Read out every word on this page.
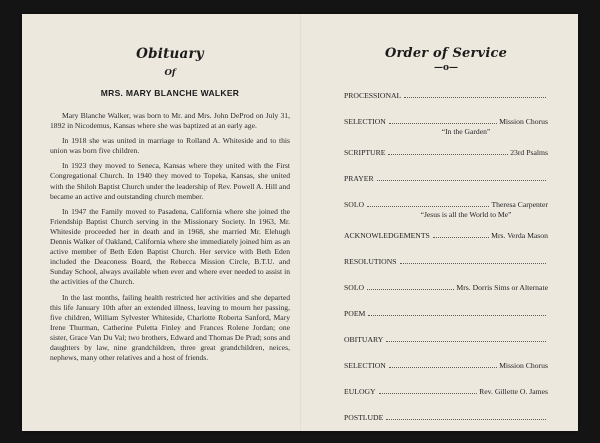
Obituary
Of
MRS. MARY BLANCHE WALKER

Mary Blanche Walker, was born to Mr. and Mrs. John DeProd on July 31, 1892 in Nicodemus, Kansas where she was baptized at an early age.

In 1918 she was united in marriage to Rolland A. Whiteside and to this union was born five children.

In 1923 they moved to Seneca, Kansas where they united with the First Congregational Church. In 1940 they moved to Topeka, Kansas, she united with the Shiloh Baptist Church under the leadership of Rev. Powell A. Hill and became an active and outstanding church member.

In 1947 the Family moved to Pasadena, California where she joined the Friendship Baptist Church serving in the Missionary Society. In 1963, Mr. Whiteside proceeded her in death and in 1968, she married Mr. Elehugh Dennis Walker of Oakland, California where she immediately joined him as an active member of Beth Eden Baptist Church. Her service with Beth Eden included the Deaconess Board, the Rebecca Mission Circle, B.T.U. and Sunday School, always available when ever and where ever needed to assist in the activities of the Church.

In the last months, failing health restricted her activities and she departed this life January 10th after an extended illness, leaving to mourn her passing, five children, William Sylvester Whiteside, Charlotte Roberta Sanford, Mary Irene Thurman, Catherine Puletta Finley and Frances Rolene Jordan; one sister, Grace Van Du Val; two brothers, Edward and Thomas De Prad; sons and daughters by law, nine grandchildren, three great grandchildren, neices, nephews, many other relatives and a host of friends.

Order of Service
—o—
PROCESSIONAL
SELECTION	Mission Chorus
“In the Garden”
SCRIPTURE	23rd Psalms
PRAYER
SOLO	Theresa Carpenter
“Jesus is all the World to Me”
ACKNOWLEDGEMENTS	Mrs. Verda Mason
RESOLUTIONS
SOLO	Mrs. Dorris Sims or Alternate
POEM
OBITUARY
SELECTION	Mission Chorus
EULOGY	Rev. Gillette O. James
POSTLUDE
